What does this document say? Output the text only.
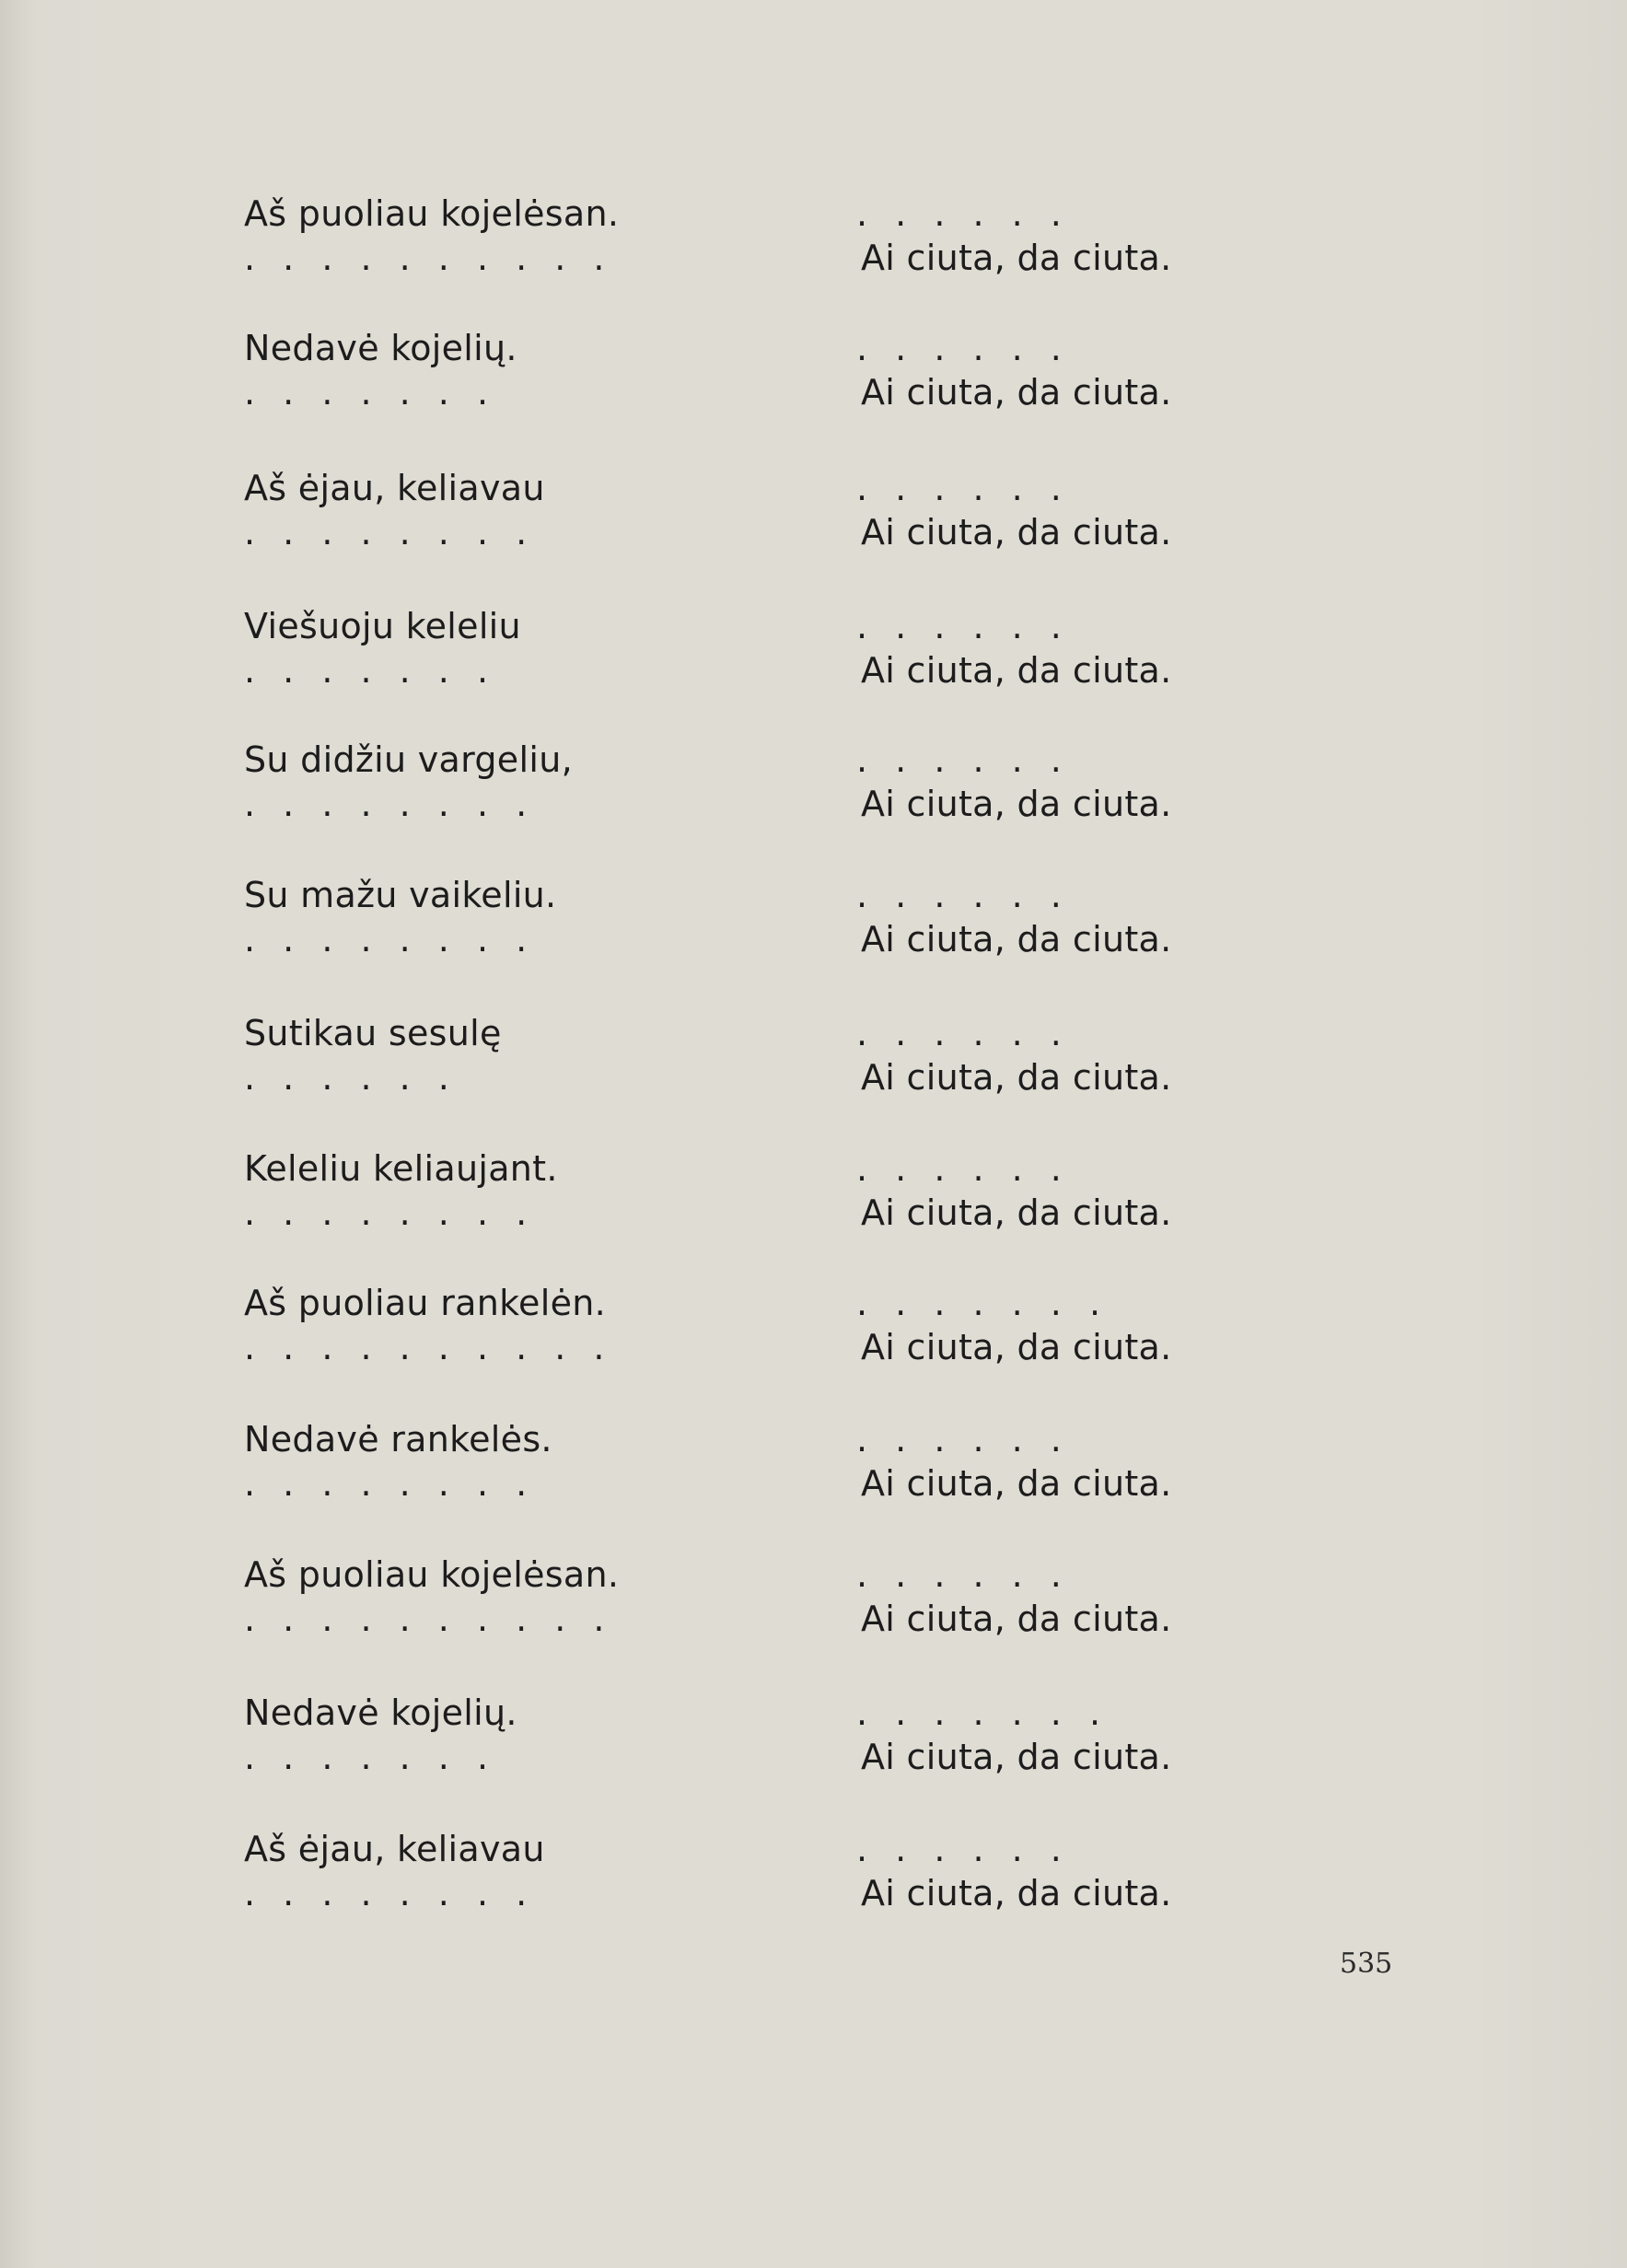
Aš puoliau kojelėsan.	. . . . . .
. . . . . . . . . .	Ai ciuta, da ciuta.
Nedavė kojelių.	. . . . . .
. . . . . . .	Ai ciuta, da ciuta.
Aš ėjau, keliavau	. . . . . .
. . . . . . . .	Ai ciuta, da ciuta.
Viešuoju keleliu	. . . . . .
. . . . . . .	Ai ciuta, da ciuta.
Su didžiu vargeliu,	. . . . . .
. . . . . . . .	Ai ciuta, da ciuta.
Su mažu vaikeliu.	. . . . . .
. . . . . . . .	Ai ciuta, da ciuta.
Sutikau sesulę	. . . . . .
. . . . . .	Ai ciuta, da ciuta.
Keleliu keliaujant.	. . . . . .
. . . . . . . .	Ai ciuta, da ciuta.
Aš puoliau rankelėn.	. . . . . . .
. . . . . . . . . .	Ai ciuta, da ciuta.
Nedavė rankelės.	. . . . . .
. . . . . . . .	Ai ciuta, da ciuta.
Aš puoliau kojelėsan.	. . . . . .
. . . . . . . . . .	Ai ciuta, da ciuta.
Nedavė kojelių.	. . . . . . .
. . . . . . .	Ai ciuta, da ciuta.
Aš ėjau, keliavau	. . . . . .
. . . . . . . .	Ai ciuta, da ciuta.
535
